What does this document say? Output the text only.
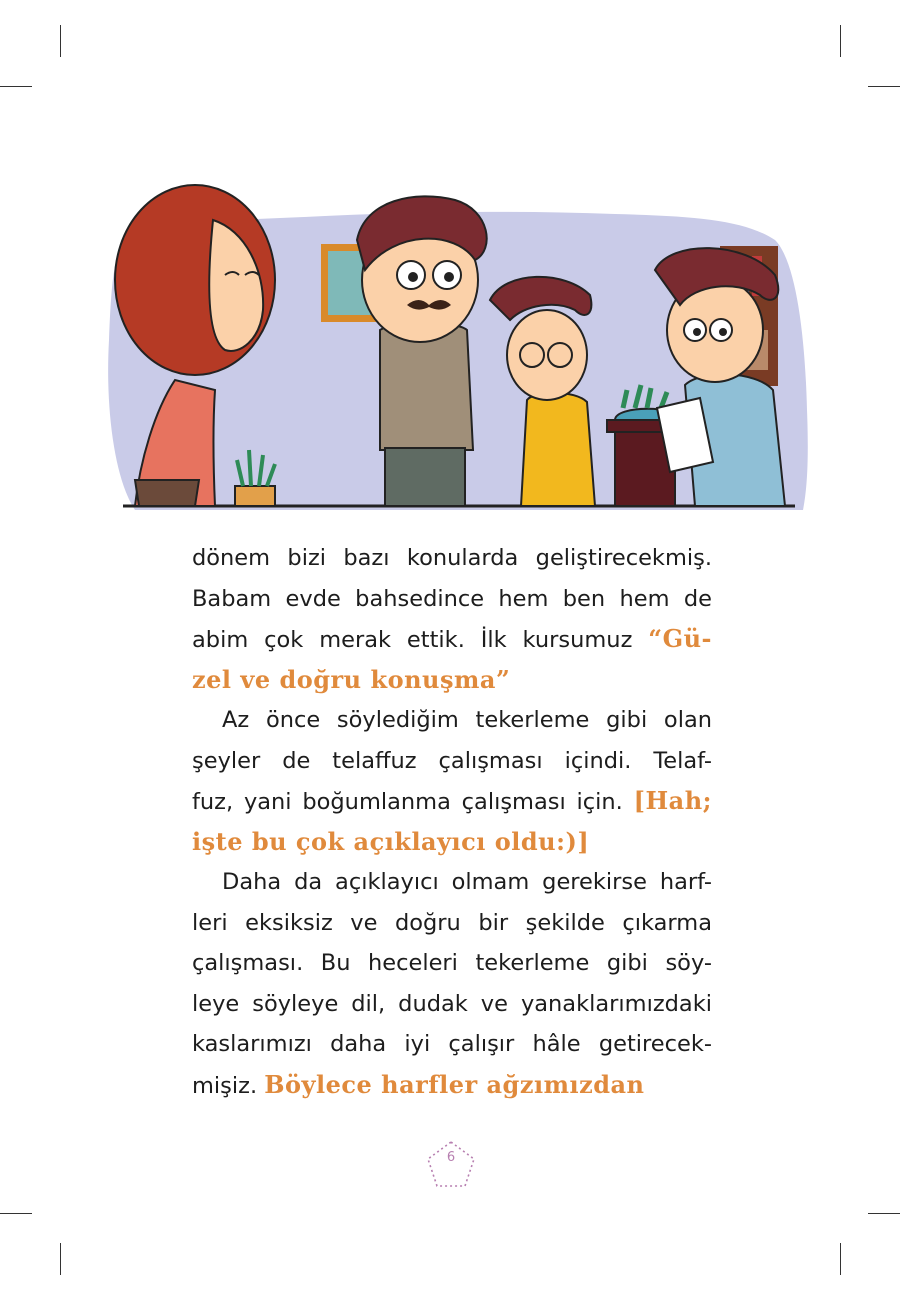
dönem bizi bazı konularda geliştirecekmiş.
Babam evde bahsedince hem ben hem de
abim çok merak ettik. İlk kursumuz “Gü-
zel ve doğru konuşma”
Az önce söylediğim tekerleme gibi olan
şeyler de telaffuz çalışması içindi. Telaf-
fuz, yani boğumlanma çalışması için. [Hah;
işte bu çok açıklayıcı oldu:)]
Daha da açıklayıcı olmam gerekirse harf-
leri eksiksiz ve doğru bir şekilde çıkarma
çalışması. Bu heceleri tekerleme gibi söy-
leye söyleye dil, dudak ve yanaklarımızdaki
kaslarımızı daha iyi çalışır hâle getirecek-
mişiz. Böylece harfler ağzımızdan
6
